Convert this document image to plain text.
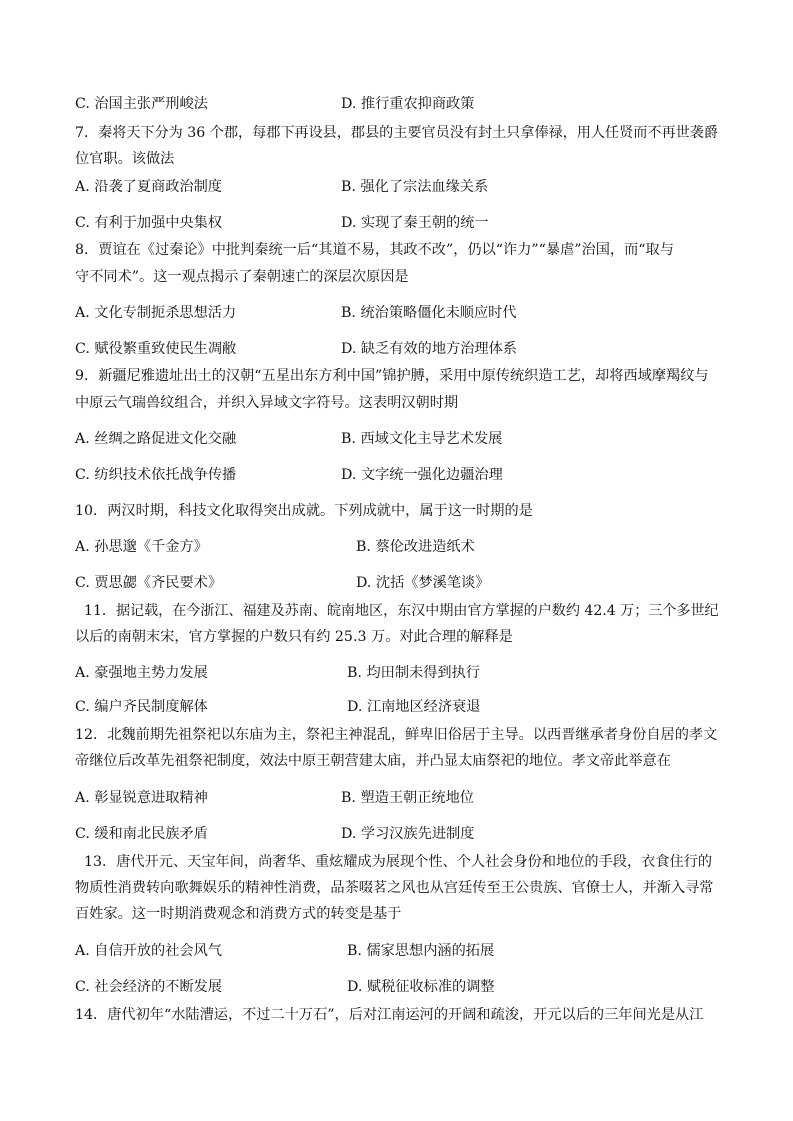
C. 治国主张严刑峻法	D. 推行重农抑商政策
7．秦将天下分为 36 个郡，每郡下再设县，郡县的主要官员没有封土只拿俸禄，用人任贤而不再世袭爵
位官职。该做法
A. 沿袭了夏商政治制度	B. 强化了宗法血缘关系
C. 有利于加强中央集权	D. 实现了秦王朝的统一
8．贾谊在《过秦论》中批判秦统一后“其道不易，其政不改”，仍以“诈力”“暴虐”治国，而“取与
守不同术”。这一观点揭示了秦朝速亡的深层次原因是
A. 文化专制扼杀思想活力	B. 统治策略僵化未顺应时代
C. 赋役繁重致使民生凋敝	D. 缺乏有效的地方治理体系
9．新疆尼雅遗址出土的汉朝“五星出东方利中国”锦护膊，采用中原传统织造工艺，却将西域摩羯纹与
中原云气瑞兽纹组合，并织入异域文字符号。这表明汉朝时期
A. 丝绸之路促进文化交融	B. 西域文化主导艺术发展
C. 纺织技术依托战争传播	D. 文字统一强化边疆治理
10．两汉时期，科技文化取得突出成就。下列成就中，属于这一时期的是
A. 孙思邈《千金方》	B. 蔡伦改进造纸术
C. 贾思勰《齐民要术》	D. 沈括《梦溪笔谈》
11．据记载，在今浙江、福建及苏南、皖南地区，东汉中期由官方掌握的户数约 42.4 万；三个多世纪
以后的南朝末宋，官方掌握的户数只有约 25.3 万。对此合理的解释是
A. 豪强地主势力发展	B. 均田制未得到执行
C. 编户齐民制度解体	D. 江南地区经济衰退
12．北魏前期先祖祭祀以东庙为主，祭祀主神混乱，鲜卑旧俗居于主导。以西晋继承者身份自居的孝文
帝继位后改革先祖祭祀制度，效法中原王朝营建太庙，并凸显太庙祭祀的地位。孝文帝此举意在
A. 彰显锐意进取精神	B. 塑造王朝正统地位
C. 缓和南北民族矛盾	D. 学习汉族先进制度
13．唐代开元、天宝年间，尚奢华、重炫耀成为展现个性、个人社会身份和地位的手段，衣食住行的
物质性消费转向歌舞娱乐的精神性消费，品茶啜茗之风也从宫廷传至王公贵族、官僚士人，并渐入寻常
百姓家。这一时期消费观念和消费方式的转变是基于
A. 自信开放的社会风气	B. 儒家思想内涵的拓展
C. 社会经济的不断发展	D. 赋税征收标准的调整
14．唐代初年“水陆漕运，不过二十万石”，后对江南运河的开阔和疏浚，开元以后的三年间光是从江
